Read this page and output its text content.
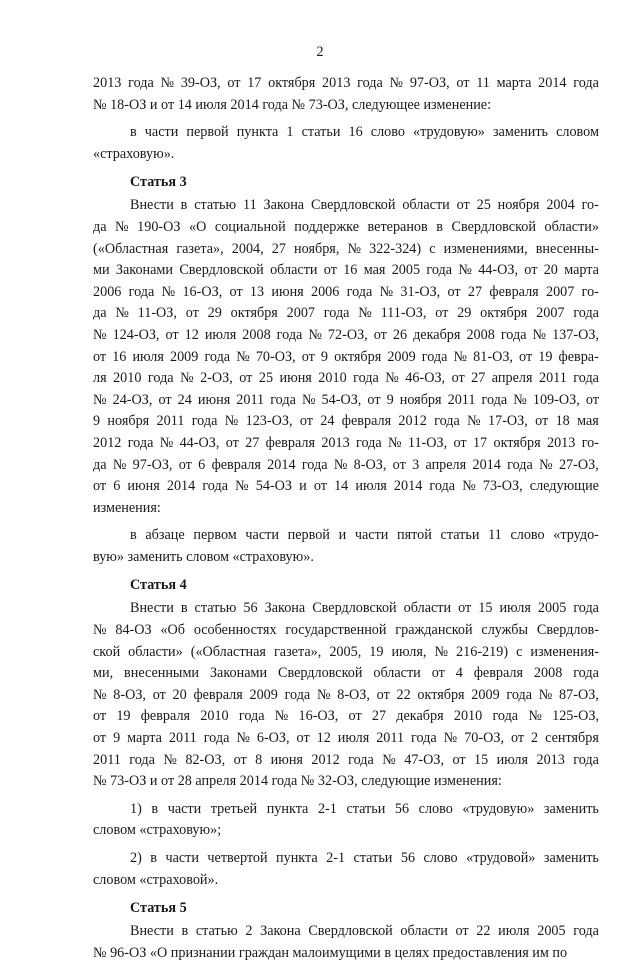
2
2013 года № 39-ОЗ, от 17 октября 2013 года № 97-ОЗ, от 11 марта 2014 года
№ 18-ОЗ и от 14 июля 2014 года № 73-ОЗ, следующее изменение:
в части первой пункта 1 статьи 16 слово «трудовую» заменить словом
«страховую».
Статья 3
Внести в статью 11 Закона Свердловской области от 25 ноября 2004 го-
да № 190-ОЗ «О социальной поддержке ветеранов в Свердловской области»
(«Областная газета», 2004, 27 ноября, № 322-324) с изменениями, внесенны-
ми Законами Свердловской области от 16 мая 2005 года № 44-ОЗ, от 20 марта
2006 года № 16-ОЗ, от 13 июня 2006 года № 31-ОЗ, от 27 февраля 2007 го-
да № 11-ОЗ, от 29 октября 2007 года № 111-ОЗ, от 29 октября 2007 года
№ 124-ОЗ, от 12 июля 2008 года № 72-ОЗ, от 26 декабря 2008 года № 137-ОЗ,
от 16 июля 2009 года № 70-ОЗ, от 9 октября 2009 года № 81-ОЗ, от 19 февра-
ля 2010 года № 2-ОЗ, от 25 июня 2010 года № 46-ОЗ, от 27 апреля 2011 года
№ 24-ОЗ, от 24 июня 2011 года № 54-ОЗ, от 9 ноября 2011 года № 109-ОЗ, от
9 ноября 2011 года № 123-ОЗ, от 24 февраля 2012 года № 17-ОЗ, от 18 мая
2012 года № 44-ОЗ, от 27 февраля 2013 года № 11-ОЗ, от 17 октября 2013 го-
да № 97-ОЗ, от 6 февраля 2014 года № 8-ОЗ, от 3 апреля 2014 года № 27-ОЗ,
от 6 июня 2014 года № 54-ОЗ и от 14 июля 2014 года № 73-ОЗ, следующие
изменения:
в абзаце первом части первой и части пятой статьи 11 слово «трудо-
вую» заменить словом «страховую».
Статья 4
Внести в статью 56 Закона Свердловской области от 15 июля 2005 года
№ 84-ОЗ «Об особенностях государственной гражданской службы Свердлов-
ской области» («Областная газета», 2005, 19 июля, № 216-219) с изменения-
ми, внесенными Законами Свердловской области от 4 февраля 2008 года
№ 8-ОЗ, от 20 февраля 2009 года № 8-ОЗ, от 22 октября 2009 года № 87-ОЗ,
от 19 февраля 2010 года № 16-ОЗ, от 27 декабря 2010 года № 125-ОЗ,
от 9 марта 2011 года № 6-ОЗ, от 12 июля 2011 года № 70-ОЗ, от 2 сентября
2011 года № 82-ОЗ, от 8 июня 2012 года № 47-ОЗ, от 15 июля 2013 года
№ 73-ОЗ и от 28 апреля 2014 года № 32-ОЗ, следующие изменения:
1) в части третьей пункта 2-1 статьи 56 слово «трудовую» заменить
словом «страховую»;
2) в части четвертой пункта 2-1 статьи 56 слово «трудовой» заменить
словом «страховой».
Статья 5
Внести в статью 2 Закона Свердловской области от 22 июля 2005 года
№ 96-ОЗ «О признании граждан малоимущими в целях предоставления им по
